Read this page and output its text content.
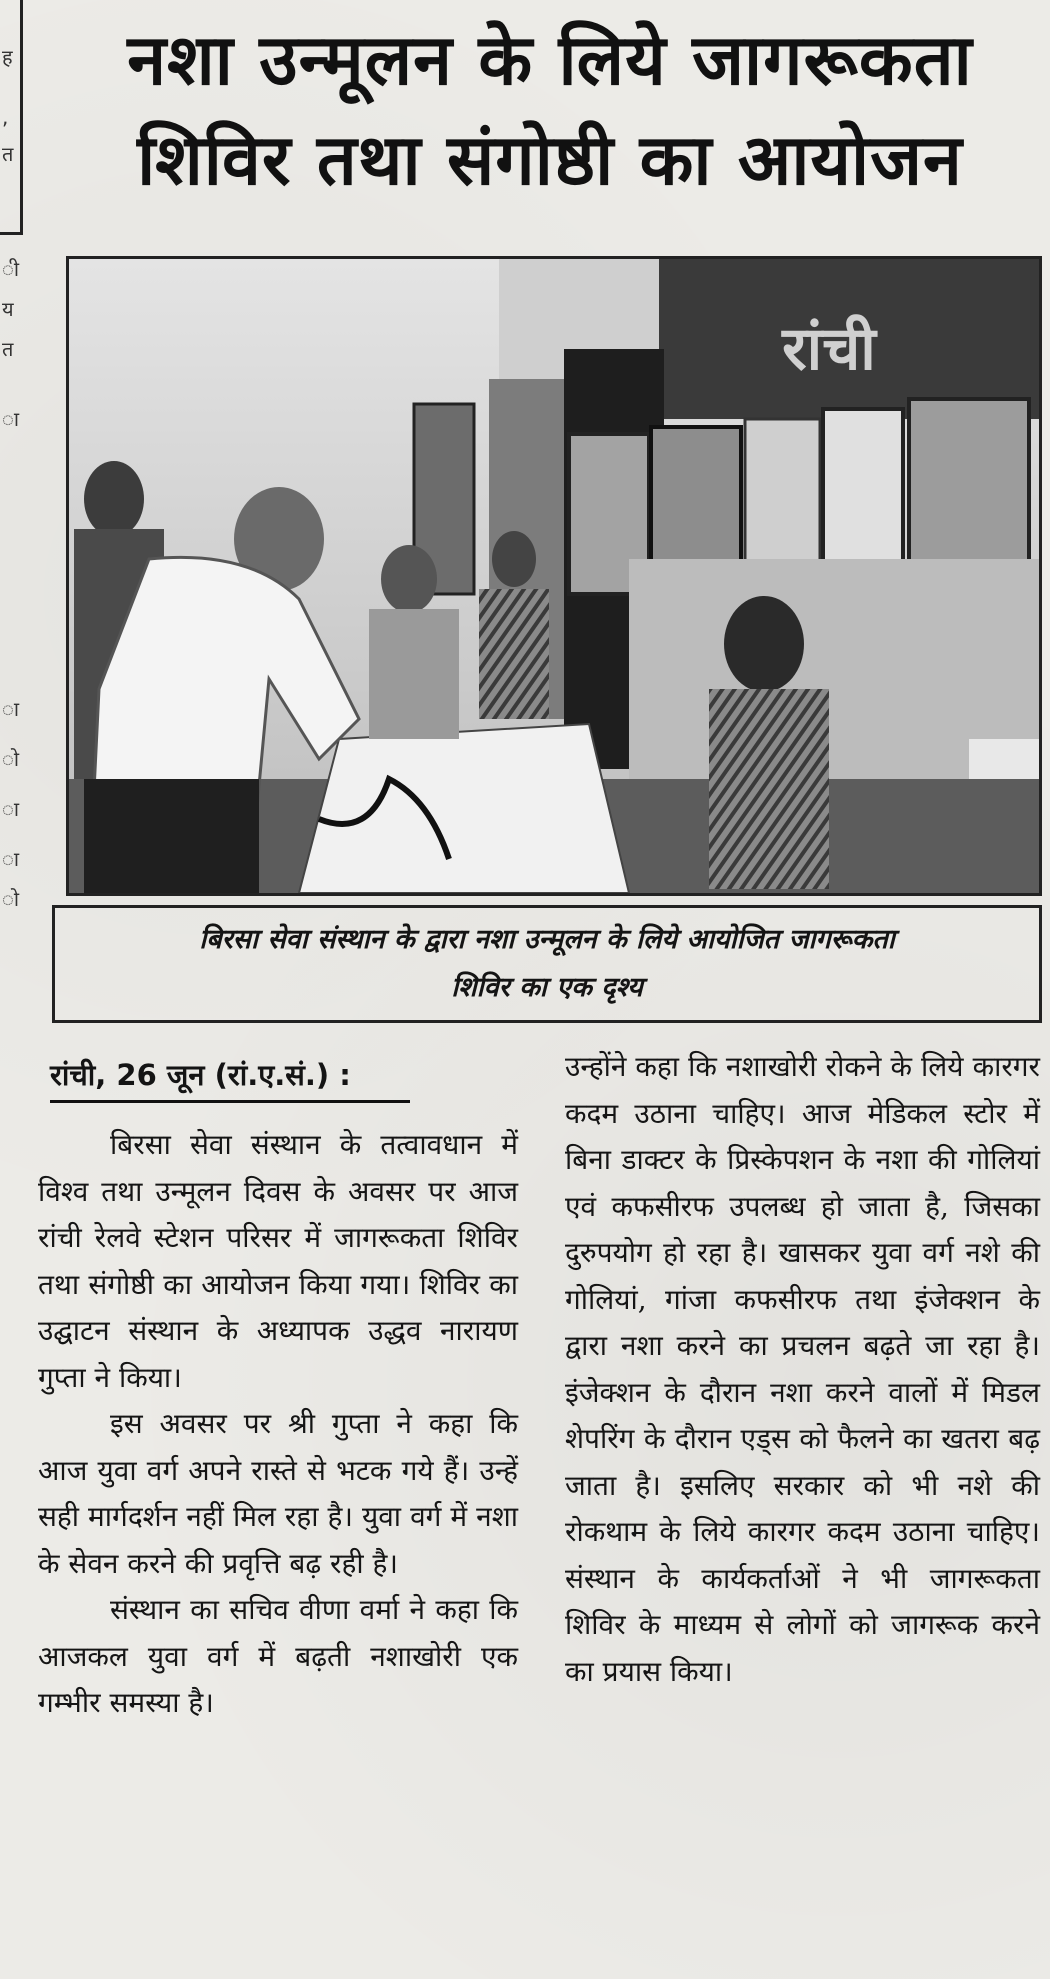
ह
,
त
ी
य
त
ा
ा
ो
ा
ा
ो
नशा उन्मूलन के लिये जागरूकता
शिविर तथा संगोष्ठी का आयोजन
रांची
बिरसा सेवा संस्थान के द्वारा नशा उन्मूलन के लिये आयोजित जागरूकता
शिविर का एक दृश्य
रांची, 26 जून (रां.ए.सं.) :

बिरसा सेवा संस्थान के तत्वावधान में विश्व तथा उन्मूलन दिवस के अवसर पर आज रांची रेलवे स्टेशन परिसर में जागरूकता शिविर तथा संगोष्ठी का आयोजन किया गया। शिविर का उद्घाटन संस्थान के अध्यापक उद्धव नारायण गुप्ता ने किया।

इस अवसर पर श्री गुप्ता ने कहा कि आज युवा वर्ग अपने रास्ते से भटक गये हैं। उन्हें सही मार्गदर्शन नहीं मिल रहा है। युवा वर्ग में नशा के सेवन करने की प्रवृत्ति बढ़ रही है।

संस्थान का सचिव वीणा वर्मा ने कहा कि आजकल युवा वर्ग में बढ़ती नशाखोरी एक गम्भीर समस्या है।

उन्होंने कहा कि नशाखोरी रोकने के लिये कारगर कदम उठाना चाहिए। आज मेडिकल स्टोर में बिना डाक्टर के प्रिस्केपशन के नशा की गोलियां एवं कफसीरफ उपलब्ध हो जाता है, जिसका दुरुपयोग हो रहा है। खासकर युवा वर्ग नशे की गोलियां, गांजा कफसीरफ तथा इंजेक्शन के द्वारा नशा करने का प्रचलन बढ़ते जा रहा है। इंजेक्शन के दौरान नशा करने वालों में मिडल शेपरिंग के दौरान एड्स को फैलने का खतरा बढ़ जाता है। इसलिए सरकार को भी नशे की रोकथाम के लिये कारगर कदम उठाना चाहिए। संस्थान के कार्यकर्ताओं ने भी जागरूकता शिविर के माध्यम से लोगों को जागरूक करने का प्रयास किया।
